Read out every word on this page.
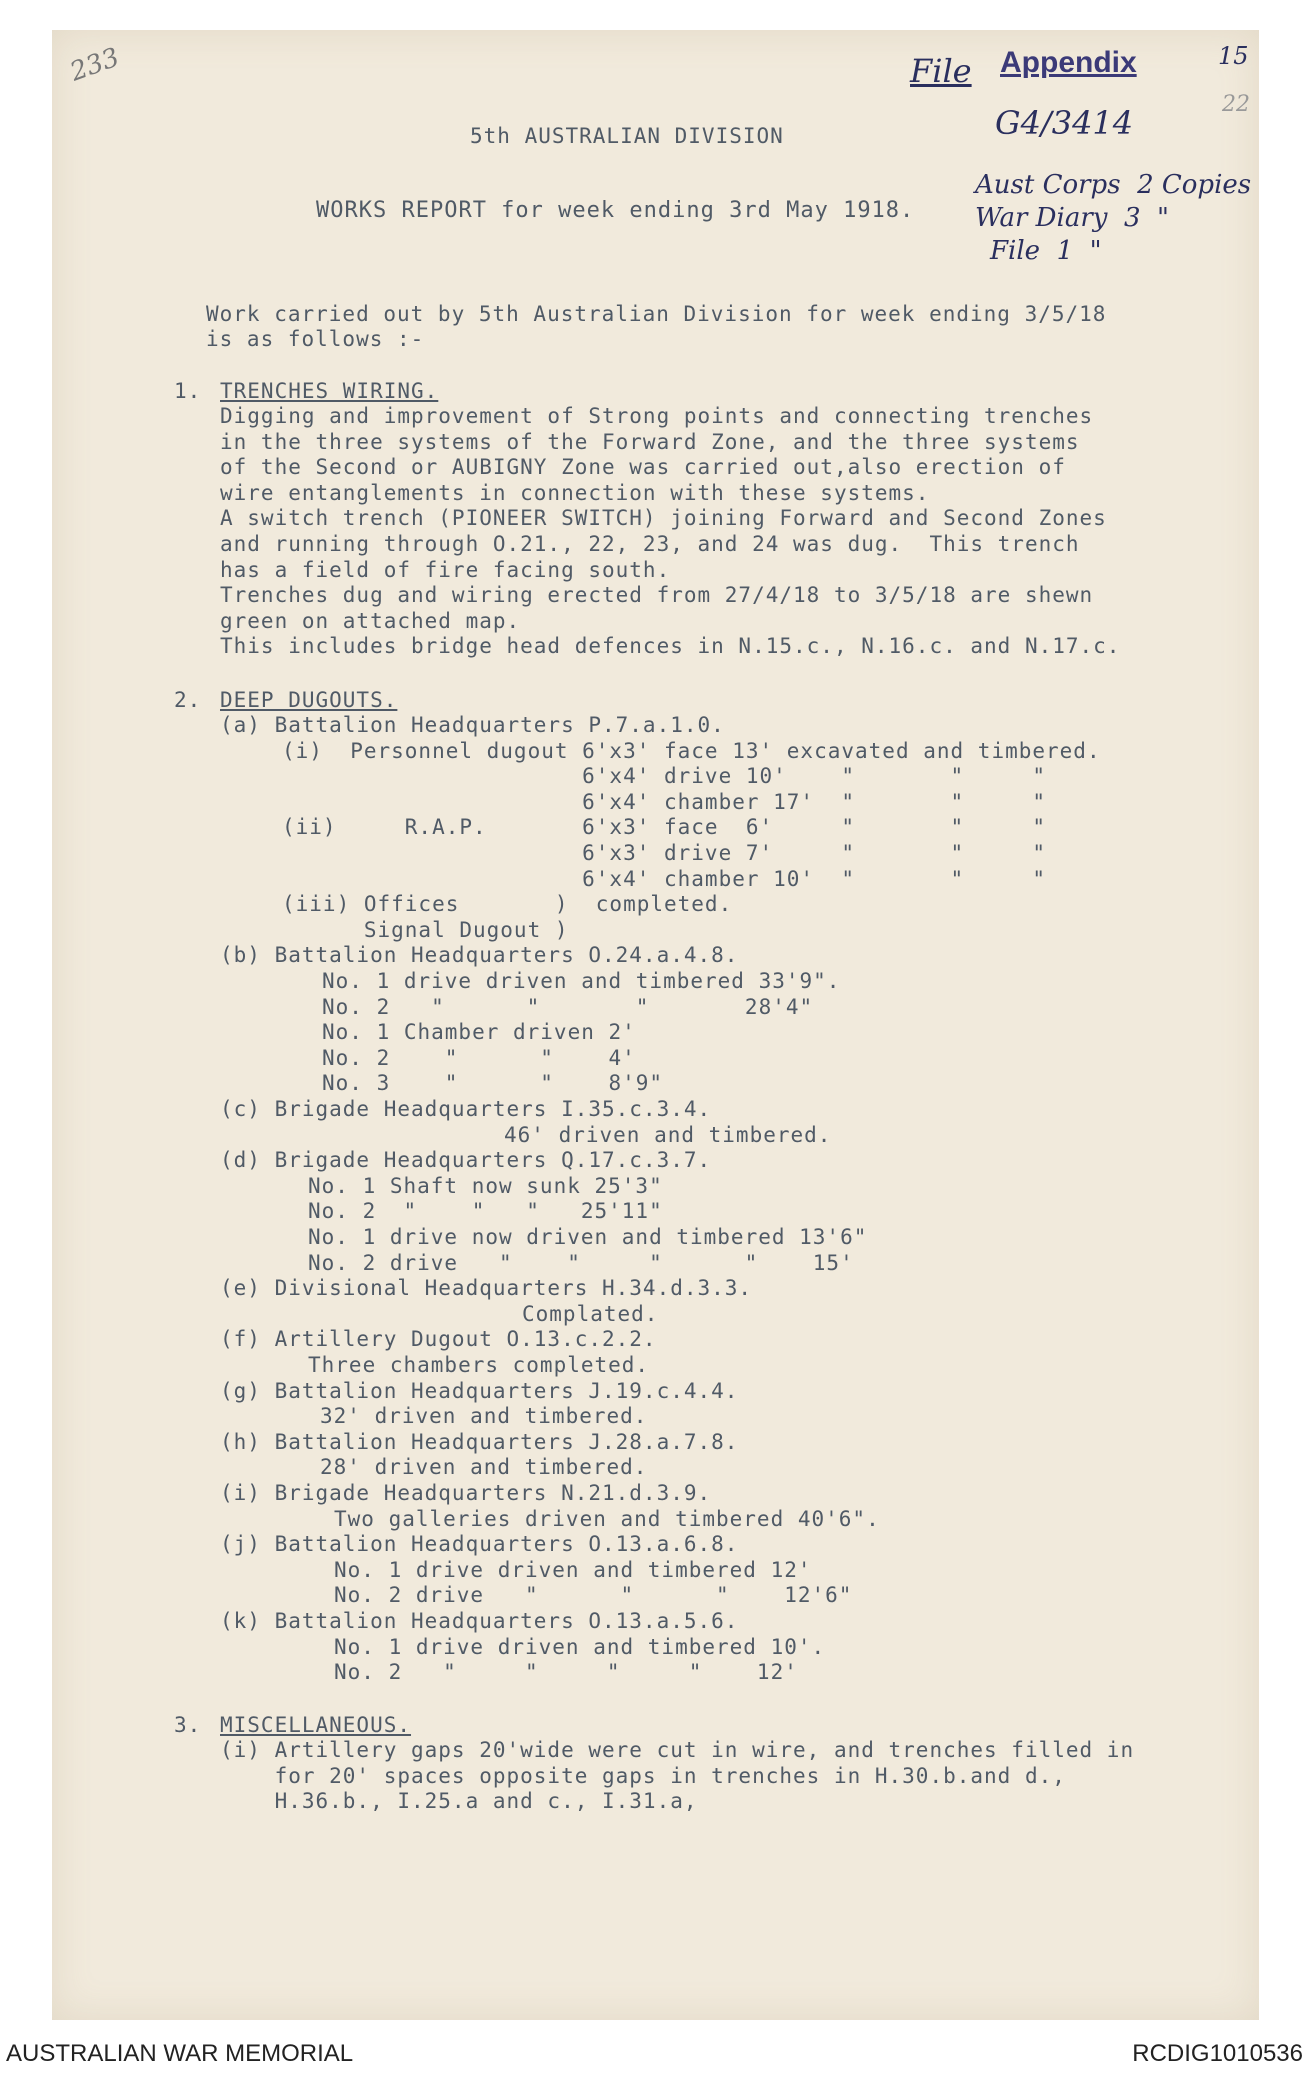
233	File Appendix	15
22
G4/3414
Aust Corps  2 Copies
War Diary  3  "
File  1  "
5th AUSTRALIAN DIVISION
WORKS REPORT for week ending 3rd May 1918.
Work carried out by 5th Australian Division for week ending 3/5/18
is as follows :-
1. TRENCHES WIRING.
Digging and improvement of Strong points and connecting trenches
in the three systems of the Forward Zone, and the three systems
of the Second or AUBIGNY Zone was carried out,also erection of
wire entanglements in connection with these systems.
A switch trench (PIONEER SWITCH) joining Forward and Second Zones
and running through O.21., 22, 23, and 24 was dug.  This trench
has a field of fire facing south.
Trenches dug and wiring erected from 27/4/18 to 3/5/18 are shewn
green on attached map.
This includes bridge head defences in N.15.c., N.16.c. and N.17.c.
2. DEEP DUGOUTS.
(a) Battalion Headquarters P.7.a.1.0.
(i)  Personnel dugout 6'x3' face 13' excavated and timbered.
6'x4' drive 10'    "       "     "
6'x4' chamber 17'  "       "     "
(ii)     R.A.P.       6'x3' face  6'     "       "     "
6'x3' drive 7'     "       "     "
6'x4' chamber 10'  "       "     "
(iii) Offices       )  completed.
Signal Dugout )
(b) Battalion Headquarters O.24.a.4.8.
No. 1 drive driven and timbered 33'9".
No. 2   "      "       "       28'4"
No. 1 Chamber driven 2'
No. 2    "      "    4'
No. 3    "      "    8'9"
(c) Brigade Headquarters I.35.c.3.4.
46' driven and timbered.
(d) Brigade Headquarters Q.17.c.3.7.
No. 1 Shaft now sunk 25'3"
No. 2  "    "   "   25'11"
No. 1 drive now driven and timbered 13'6"
No. 2 drive   "    "     "      "    15'
(e) Divisional Headquarters H.34.d.3.3.
Complated.
(f) Artillery Dugout O.13.c.2.2.
Three chambers completed.
(g) Battalion Headquarters J.19.c.4.4.
32' driven and timbered.
(h) Battalion Headquarters J.28.a.7.8.
28' driven and timbered.
(i) Brigade Headquarters N.21.d.3.9.
Two galleries driven and timbered 40'6".
(j) Battalion Headquarters O.13.a.6.8.
No. 1 drive driven and timbered 12'
No. 2 drive   "      "      "    12'6"
(k) Battalion Headquarters O.13.a.5.6.
No. 1 drive driven and timbered 10'.
No. 2   "     "     "     "    12'
3. MISCELLANEOUS.
(i) Artillery gaps 20'wide were cut in wire, and trenches filled in
for 20' spaces opposite gaps in trenches in H.30.b.and d.,
H.36.b., I.25.a and c., I.31.a,
AUSTRALIAN WAR MEMORIAL	RCDIG1010536
